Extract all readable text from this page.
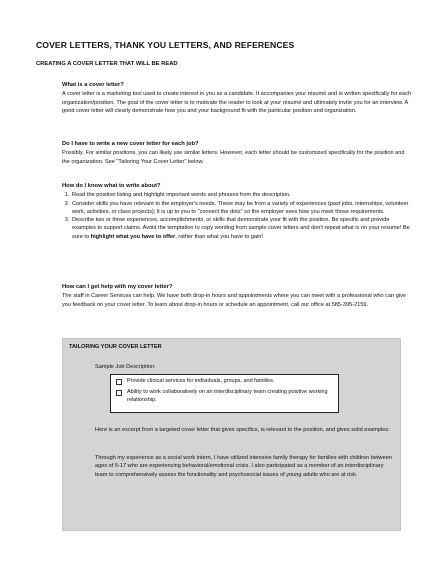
COVER LETTERS, THANK YOU LETTERS, AND REFERENCES
CREATING A COVER LETTER THAT WILL BE READ
What is a cover letter?

A cover letter is a marketing tool used to create interest in you as a candidate. It accompanies your résumé and is written specifically for each organization/position. The goal of the cover letter is to motivate the reader to look at your résumé and ultimately invite you for an interview. A good cover letter will clearly demonstrate how you and your background fit with the particular position and organization.

Do I have to write a new cover letter for each job?

Possibly. For similar positions, you can likely use similar letters. However, each letter should be customized specifically for the position and the organization. See "Tailoring Your Cover Letter" below.

How do I know what to write about?
1. Read the position listing and highlight important words and phrases from the description.
2. Consider skills you have relevant to the employer's needs. These may be from a variety of experiences (past jobs, internships, volunteer work, activities, or class projects); it is up to you to "connect the dots" so the employer sees how you meet those requirements.
3. Describe two or three experiences, accomplishments, or skills that demonstrate your fit with the position. Be specific and provide examples to support claims. Avoid the temptation to copy wording from sample cover letters and don't repeat what is on your resume! Be sure to highlight what you have to offer, rather than what you have to gain!
How can I get help with my cover letter?

The staff in Career Services can help. We have both drop-in hours and appointments where you can meet with a professional who can give you feedback on your cover letter. To learn about drop-in hours or schedule an appointment, call our office at 585-395-2159.

TAILORING YOUR COVER LETTER
Sample Job Description:
Provide clinical services for individuals, groups, and families.
Ability to work collaboratively on an interdisciplinary team creating positive working relationship.
Here is an excerpt from a targeted cover letter that gives specifics, is relevant to the position, and gives solid examples:
Through my experience as a social work intern, I have utilized intensive family therapy for families with children between ages of 5-17 who are experiencing behavioral/emotional crisis. I also participated as a member of an interdisciplinary team to comprehensively assess the functionality and psychosocial issues of young adults who are at risk.
